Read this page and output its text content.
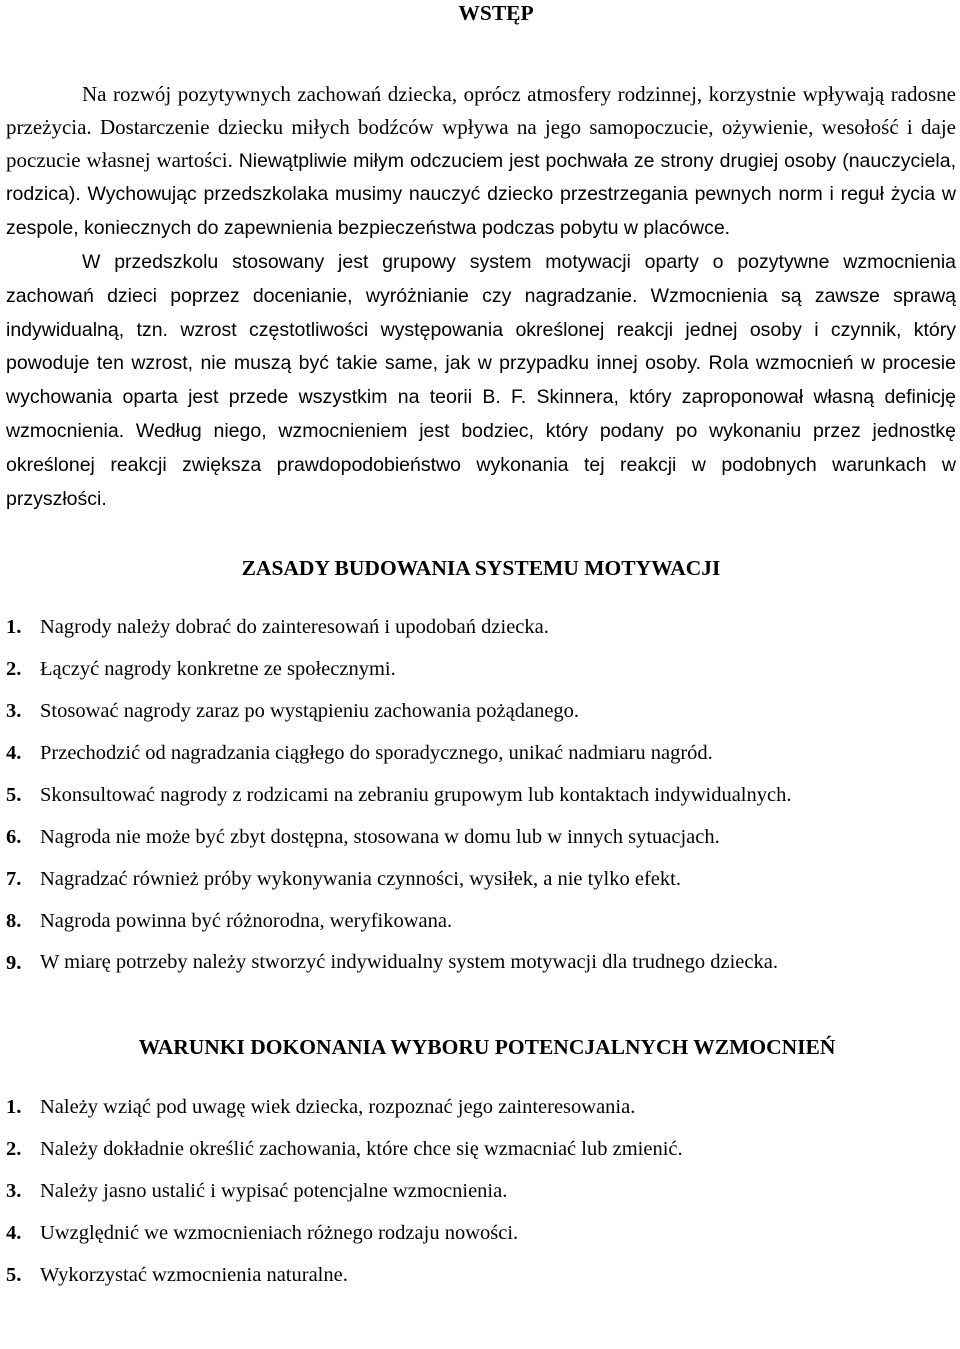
WSTĘP

Na rozwój pozytywnych zachowań dziecka, oprócz atmosfery rodzinnej, korzystnie wpływają radosne przeżycia. Dostarczenie dziecku miłych bodźców wpływa na jego samopoczucie, ożywienie, wesołość i daje poczucie własnej wartości. Niewątpliwie miłym odczuciem jest pochwała ze strony drugiej osoby (nauczyciela, rodzica). Wychowując przedszkolaka musimy nauczyć dziecko przestrzegania pewnych norm i reguł życia w zespole, koniecznych do zapewnienia bezpieczeństwa podczas pobytu w placówce.

W przedszkolu stosowany jest grupowy system motywacji oparty o pozytywne wzmocnienia zachowań dzieci poprzez docenianie, wyróżnianie czy nagradzanie. Wzmocnienia są zawsze sprawą indywidualną, tzn. wzrost częstotliwości występowania określonej reakcji jednej osoby i czynnik, który powoduje ten wzrost, nie muszą być takie same, jak w przypadku innej osoby. Rola wzmocnień w procesie wychowania oparta jest przede wszystkim na teorii B. F. Skinnera, który zaproponował własną definicję wzmocnienia. Według niego, wzmocnieniem jest bodziec, który podany po wykonaniu przez jednostkę określonej reakcji zwiększa prawdopodobieństwo wykonania tej reakcji w podobnych warunkach w przyszłości.

ZASADY BUDOWANIA SYSTEMU MOTYWACJI
1. Nagrody należy dobrać do zainteresowań i upodobań dziecka.
2. Łączyć nagrody konkretne ze społecznymi.
3. Stosować nagrody zaraz po wystąpieniu zachowania pożądanego.
4. Przechodzić od nagradzania ciągłego do sporadycznego, unikać nadmiaru nagród.
5. Skonsultować nagrody z rodzicami na zebraniu grupowym lub kontaktach indywidualnych.
6. Nagroda nie może być zbyt dostępna, stosowana w domu lub w innych sytuacjach.
7. Nagradzać również próby wykonywania czynności, wysiłek, a nie tylko efekt.
8. Nagroda powinna być różnorodna, weryfikowana.
9. W miarę potrzeby należy stworzyć indywidualny system motywacji dla trudnego dziecka.
WARUNKI DOKONANIA WYBORU POTENCJALNYCH WZMOCNIEŃ
1. Należy wziąć pod uwagę wiek dziecka, rozpoznać jego zainteresowania.
2. Należy dokładnie określić zachowania, które chce się wzmacniać lub zmienić.
3. Należy jasno ustalić i wypisać potencjalne wzmocnienia.
4. Uwzględnić we wzmocnieniach różnego rodzaju nowości.
5. Wykorzystać wzmocnienia naturalne.
